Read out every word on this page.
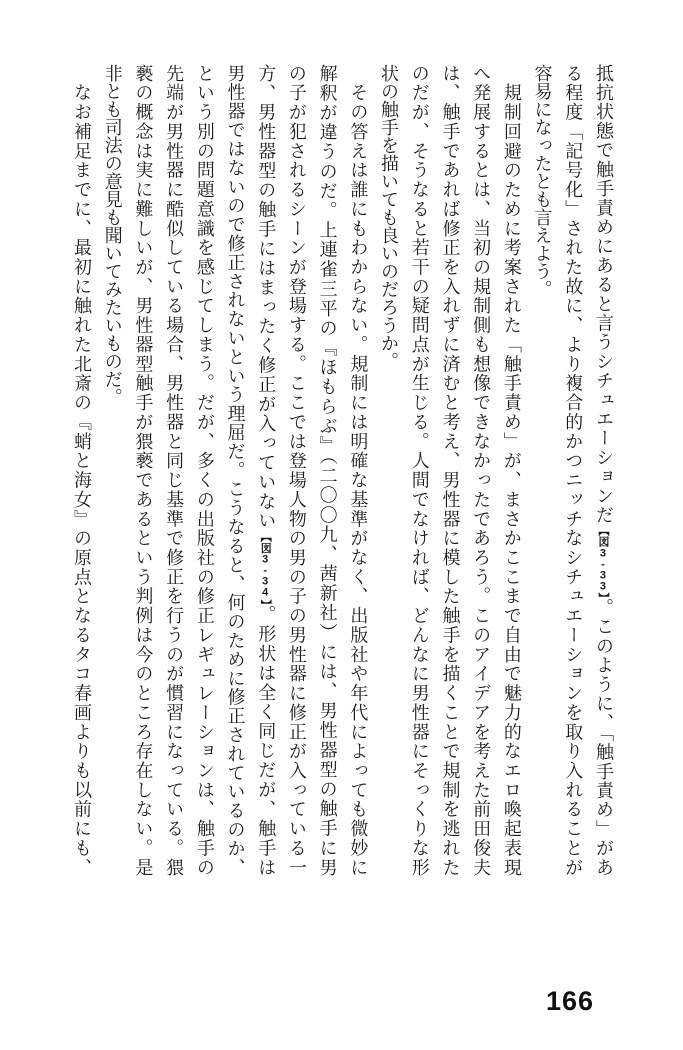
抵抗状態で触手責めにあると言うシチュエーションだ【図3-33】。このように、「触手責め」があ
る程度「記号化」された故に、より複合的かつニッチなシチュエーションを取り入れることが
容易になったとも言えよう。
　規制回避のために考案された「触手責め」が、まさかここまで自由で魅力的なエロ喚起表現
へ発展するとは、当初の規制側も想像できなかったであろう。このアイデアを考えた前田俊夫
は、触手であれば修正を入れずに済むと考え、男性器に模した触手を描くことで規制を逃れた
のだが、そうなると若干の疑問点が生じる。人間でなければ、どんなに男性器にそっくりな形
状の触手を描いても良いのだろうか。
　その答えは誰にもわからない。規制には明確な基準がなく、出版社や年代によっても微妙に
解釈が違うのだ。上連雀三平の『ほもらぶ』（二〇〇九、茜新社）には、男性器型の触手に男
の子が犯されるシーンが登場する。ここでは登場人物の男の子の男性器に修正が入っている一
方、男性器型の触手にはまったく修正が入っていない【図3-34】。形状は全く同じだが、触手は
男性器ではないので修正されないという理屈だ。こうなると、何のために修正されているのか、
という別の問題意識を感じてしまう。だが、多くの出版社の修正レギュレーションは、触手の
先端が男性器に酷似している場合、男性器と同じ基準で修正を行うのが慣習になっている。猥
褻の概念は実に難しいが、男性器型触手が猥褻であるという判例は今のところ存在しない。是
非とも司法の意見も聞いてみたいものだ。
　なお補足までに、最初に触れた北斎の『蛸と海女』の原点となるタコ春画よりも以前にも、
166
